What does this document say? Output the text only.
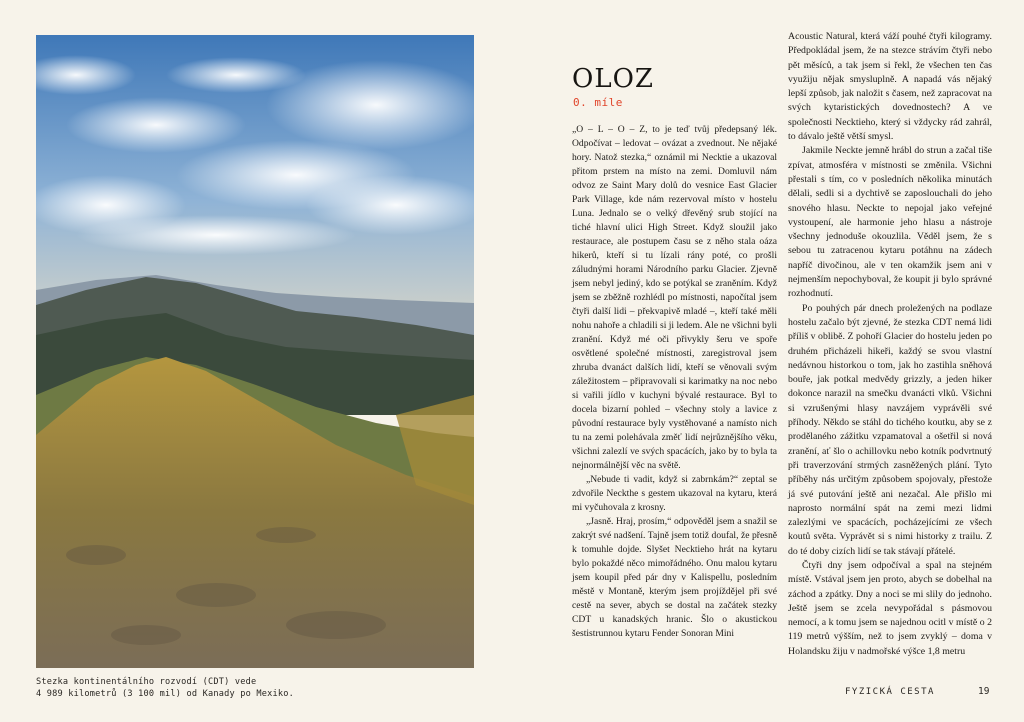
Stezka kontinentálního rozvodí (CDT) vede
4 989 kilometrů (3 100 mil) od Kanady po Mexiko.
OLOZ
0. míle

„O – L – O – Z, to je teď tvůj předepsaný lék. Odpočívat – ledovat – ovázat a zvednout. Ne nějaké hory. Natož stezka,“ oznámil mi Necktie a ukazoval přitom prstem na místo na zemi. Domluvil nám odvoz ze Saint Mary dolů do vesnice East Glacier Park Village, kde nám rezervoval místo v hostelu Luna. Jednalo se o velký dřevěný srub stojící na tiché hlavní ulici High Street. Když sloužil jako restaurace, ale postupem času se z něho stala oáza hikerů, kteří si tu lízali rány poté, co prošli záludnými horami Národního parku Glacier. Zjevně jsem nebyl jediný, kdo se potýkal se zraněním. Když jsem se zběžně rozhlédl po místnosti, napočítal jsem čtyři další lidi – překvapivě mladé –, kteří také měli nohu nahoře a chladili si ji ledem. Ale ne všichni byli zranění. Když mé oči přivykly šeru ve spoře osvětlené společné místnosti, zaregistroval jsem zhruba dvanáct dalších lidí, kteří se věnovali svým záležitostem – připravovali si karimatky na noc nebo si vařili jídlo v kuchyni bývalé restaurace. Byl to docela bizarní pohled – všechny stoly a lavice z původní restaurace byly vystěhované a namísto nich tu na zemi polehávala změť lidí nejrůznějšího věku, všichni zalezlí ve svých spacácích, jako by to byla ta nejnormálnější věc na světě.

„Nebude ti vadit, když si zabrnkám?“ zeptal se zdvořile Neckthe s gestem ukazoval na kytaru, která mi vyčuhovala z krosny.

„Jasně. Hraj, prosím,“ odpověděl jsem a snažil se zakrýt své nadšení. Tajně jsem totiž doufal, že přesně k tomuhle dojde. Slyšet Necktieho hrát na kytaru bylo pokaždé něco mimořádného. Onu malou kytaru jsem koupil před pár dny v Kalispellu, posledním městě v Montaně, kterým jsem projíždějel při své cestě na sever, abych se dostal na začátek stezky CDT u kanadských hranic. Šlo o akustickou šestistrunnou kytaru Fender Sonoran Mini

Acoustic Natural, která váží pouhé čtyři kilogramy. Předpokládal jsem, že na stezce strávím čtyři nebo pět měsíců, a tak jsem si řekl, že všechen ten čas využiju nějak smysluplně. A napadá vás nějaký lepší způsob, jak naložit s časem, než zapracovat na svých kytaristických dovednostech? A ve společnosti Necktieho, který si vždycky rád zahrál, to dávalo ještě větší smysl.

Jakmile Neckte jemně hrábl do strun a začal tiše zpívat, atmosféra v místnosti se změnila. Všichni přestali s tím, co v posledních několika minutách dělali, sedli si a dychtivě se zaposlouchali do jeho snového hlasu. Neckte to nepojal jako veřejné vystoupení, ale harmonie jeho hlasu a nástroje všechny jednoduše okouzlila. Věděl jsem, že s sebou tu zatracenou kytaru potáhnu na zádech napříč divočinou, ale v ten okamžik jsem ani v nejmenším nepochyboval, že koupit ji bylo správné rozhodnutí.

Po pouhých pár dnech proležených na podlaze hostelu začalo být zjevné, že stezka CDT nemá lidi příliš v oblibě. Z pohoří Glacier do hostelu jeden po druhém přicházeli hikeři, každý se svou vlastní nedávnou historkou o tom, jak ho zastihla sněhová bouře, jak potkal medvědy grizzly, a jeden hiker dokonce narazil na smečku dvanácti vlků. Všichni si vzrušenými hlasy navzájem vyprávěli své příhody. Někdo se stáhl do tichého koutku, aby se z prodělaného zážitku vzpamatoval a ošetřil si nová zranění, ať šlo o achillovku nebo kotník podvrtnutý při traverzování strmých zasněžených plání. Tyto příběhy nás určitým způsobem spojovaly, přestože já své putování ještě ani nezačal. Ale přišlo mi naprosto normální spát na zemi mezi lidmi zalezlými ve spacácích, pocházejícími ze všech koutů světa. Vyprávět si s nimi historky z trailu. Z do té doby cizích lidí se tak stávají přátelé.

Čtyři dny jsem odpočíval a spal na stejném místě. Vstával jsem jen proto, abych se dobelhal na záchod a zpátky. Dny a noci se mi slily do jednoho. Ještě jsem se zcela nevypořádal s pásmovou nemocí, a k tomu jsem se najednou ocitl v místě o 2 119 metrů výšším, než to jsem zvyklý – doma v Holandsku žiju v nadmořské výšce 1,8 metru

FYZICKÁ CESTA	19
